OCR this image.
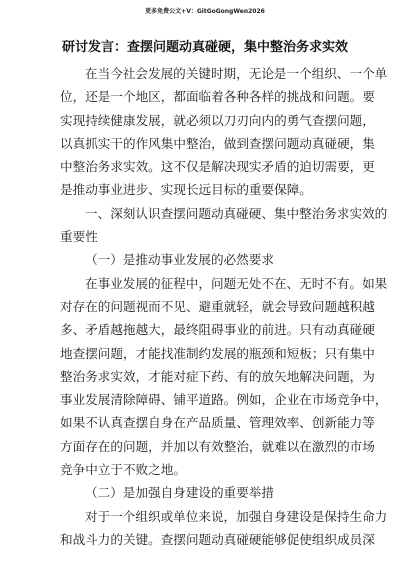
更多免费公文+V：GitGoGongWen2026
研讨发言：查摆问题动真碰硬，集中整治务求实效
在当今社会发展的关键时期，无论是一个组织、一个单
位，还是一个地区，都面临着各种各样的挑战和问题。要
实现持续健康发展，就必须以刀刃向内的勇气查摆问题，
以真抓实干的作风集中整治，做到查摆问题动真碰硬，集
中整治务求实效。这不仅是解决现实矛盾的迫切需要，更
是推动事业进步、实现长远目标的重要保障。
一、深刻认识查摆问题动真碰硬、集中整治务求实效的
重要性
（一）是推动事业发展的必然要求
在事业发展的征程中，问题无处不在、无时不有。如果
对存在的问题视而不见、避重就轻，就会导致问题越积越
多、矛盾越拖越大，最终阻碍事业的前进。只有动真碰硬
地查摆问题，才能找准制约发展的瓶颈和短板；只有集中
整治务求实效，才能对症下药、有的放矢地解决问题，为
事业发展清除障碍、铺平道路。例如，企业在市场竞争中，
如果不认真查摆自身在产品质量、管理效率、创新能力等
方面存在的问题，并加以有效整治，就难以在激烈的市场
竞争中立于不败之地。
（二）是加强自身建设的重要举措
对于一个组织或单位来说，加强自身建设是保持生命力
和战斗力的关键。查摆问题动真碰硬能够促使组织成员深
